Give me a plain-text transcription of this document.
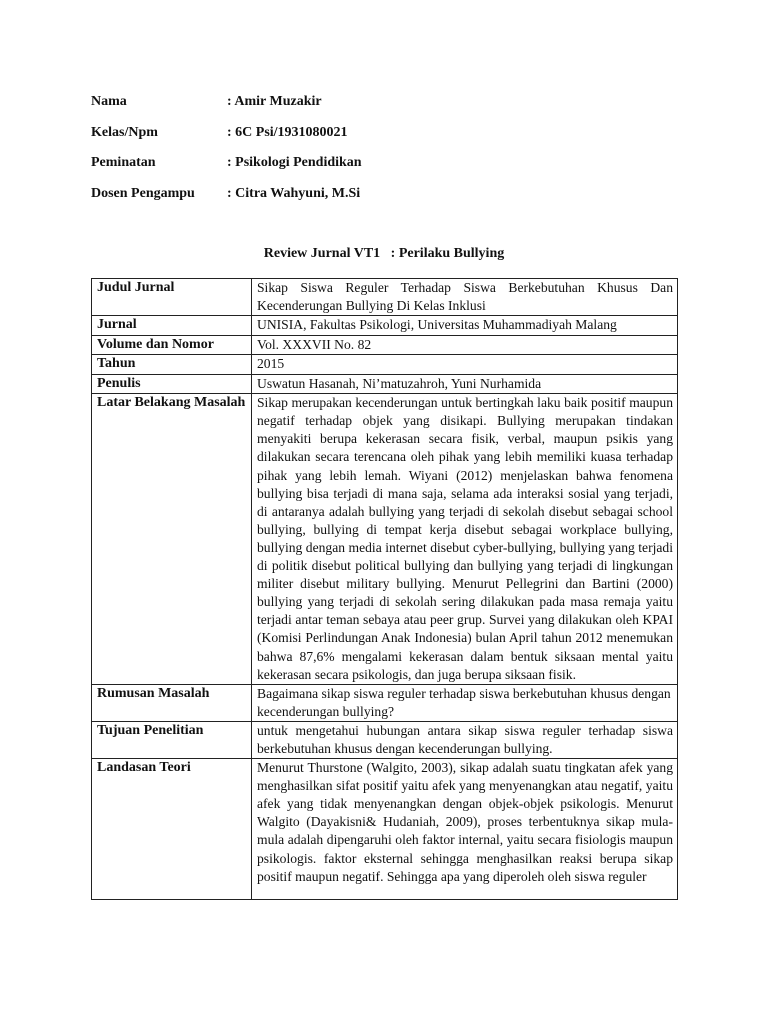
Nama	: Amir Muzakir
Kelas/Npm	: 6C Psi/1931080021
Peminatan	: Psikologi Pendidikan
Dosen Pengampu	: Citra Wahyuni, M.Si
Review Jurnal VT1   : Perilaku Bullying
Judul Jurnal	Sikap Siswa Reguler Terhadap Siswa Berkebutuhan Khusus Dan Kecenderungan Bullying Di Kelas Inklusi
Jurnal	UNISIA, Fakultas Psikologi, Universitas Muhammadiyah Malang
Volume dan Nomor	Vol. XXXVII No. 82
Tahun	2015
Penulis	Uswatun Hasanah, Ni’matuzahroh, Yuni Nurhamida
Latar Belakang Masalah	Sikap merupakan kecenderungan untuk bertingkah laku baik positif maupun negatif terhadap objek yang disikapi. Bullying merupakan tindakan menyakiti berupa kekerasan secara fisik, verbal, maupun psikis yang dilakukan secara terencana oleh pihak yang lebih memiliki kuasa terhadap pihak yang lebih lemah. Wiyani (2012) menjelaskan bahwa fenomena bullying bisa terjadi di mana saja, selama ada interaksi sosial yang terjadi, di antaranya adalah bullying yang terjadi di sekolah disebut sebagai school bullying, bullying di tempat kerja disebut sebagai workplace bullying, bullying dengan media internet disebut cyber-bullying, bullying yang terjadi di politik disebut political bullying dan bullying yang terjadi di lingkungan militer disebut military bullying. Menurut Pellegrini dan Bartini (2000) bullying yang terjadi di sekolah sering dilakukan pada masa remaja yaitu terjadi antar teman sebaya atau peer grup. Survei yang dilakukan oleh KPAI (Komisi Perlindungan Anak Indonesia) bulan April tahun 2012 menemukan bahwa 87,6% mengalami kekerasan dalam bentuk siksaan mental yaitu kekerasan secara psikologis, dan juga berupa siksaan fisik.
Rumusan Masalah	Bagaimana sikap siswa reguler terhadap siswa berkebutuhan khusus dengan kecenderungan bullying?
Tujuan Penelitian	untuk mengetahui hubungan antara sikap siswa reguler terhadap siswa berkebutuhan khusus dengan kecenderungan bullying.
Landasan Teori	Menurut Thurstone (Walgito, 2003), sikap adalah suatu tingkatan afek yang menghasilkan sifat positif yaitu afek yang menyenangkan atau negatif, yaitu afek yang tidak menyenangkan dengan objek-objek psikologis. Menurut Walgito (Dayakisni& Hudaniah, 2009), proses terbentuknya sikap mula-mula adalah dipengaruhi oleh faktor internal, yaitu secara fisiologis maupun psikologis. faktor eksternal sehingga menghasilkan reaksi berupa sikap positif maupun negatif. Sehingga apa yang diperoleh oleh siswa reguler
